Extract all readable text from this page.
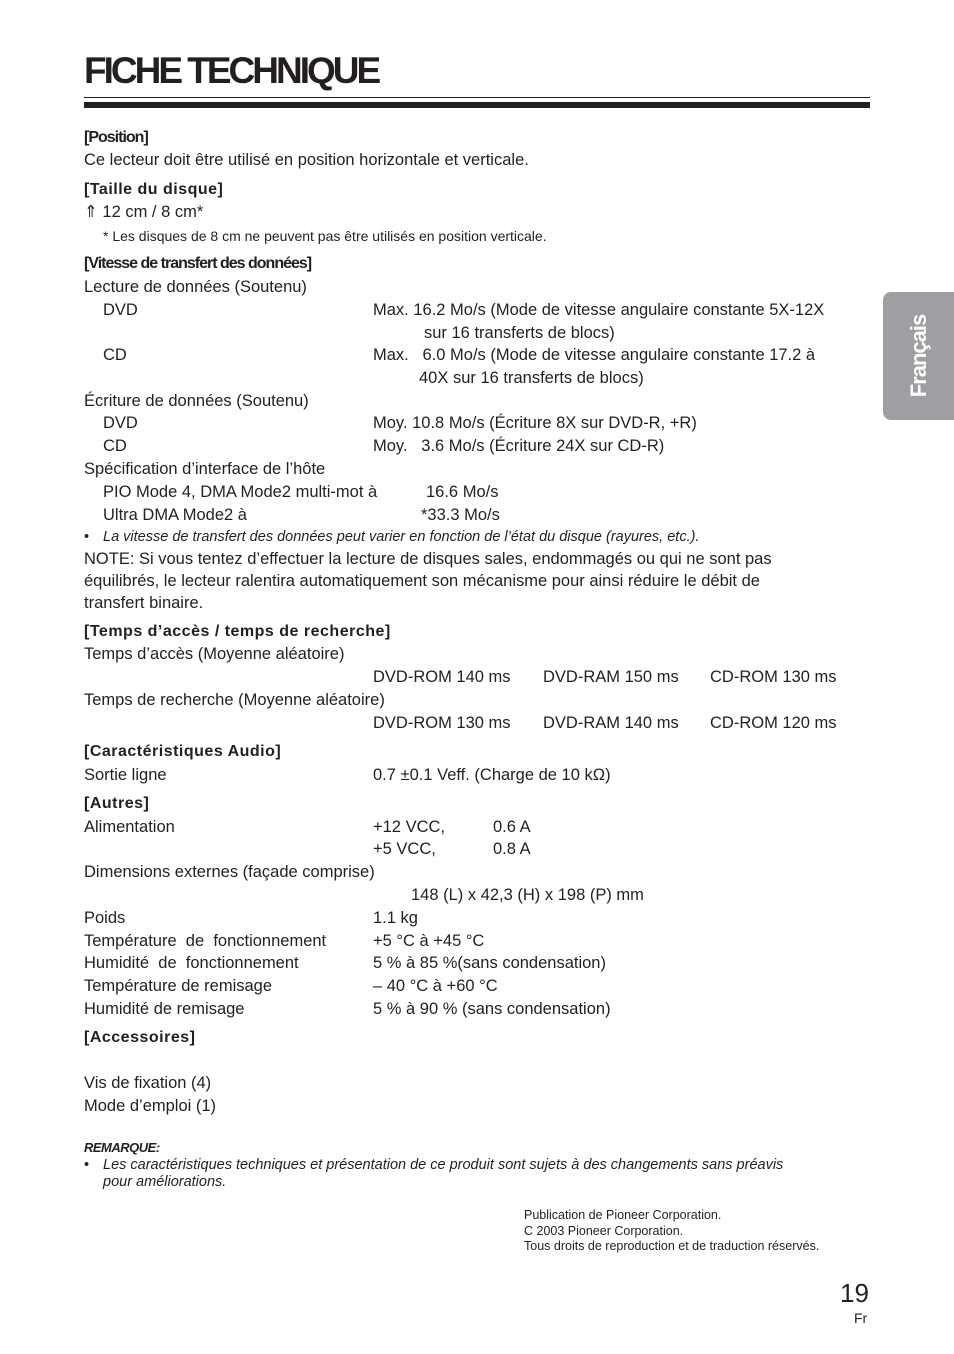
FICHE TECHNIQUE
Français
[Position]
Ce lecteur doit être utilisé en position horizontale et verticale.
[Taille du disque]
⇑ 12 cm / 8 cm*
* Les disques de 8 cm ne peuvent pas être utilisés en position verticale.
[Vitesse de transfert des données]
Lecture de données (Soutenu)
DVD	Max. 16.2 Mo/s (Mode de vitesse angulaire constante 5X-12X
sur 16 transferts de blocs)
CD	Max.   6.0 Mo/s (Mode de vitesse angulaire constante 17.2 à
40X sur 16 transferts de blocs)
Écriture de données (Soutenu)
DVD	Moy. 10.8 Mo/s (Écriture 8X sur DVD-R, +R)
CD	Moy.   3.6 Mo/s (Écriture 24X sur CD-R)
Spécification d’interface de l’hôte
PIO Mode 4, DMA Mode2 multi-mot à	16.6 Mo/s
Ultra DMA Mode2 à	*33.3 Mo/s
• La vitesse de transfert des données peut varier en fonction de l’état du disque (rayures, etc.).
NOTE: Si vous tentez d’effectuer la lecture de disques sales, endommagés ou qui ne sont pas
équilibrés, le lecteur ralentira automatiquement son mécanisme pour ainsi réduire le débit de
transfert binaire.
[Temps d’accès / temps de recherche]
Temps d’accès (Moyenne aléatoire)
DVD-ROM 140 ms DVD-RAM 150 ms CD-ROM 130 ms
Temps de recherche (Moyenne aléatoire)
DVD-ROM 130 ms DVD-RAM 140 ms CD-ROM 120 ms
[Caractéristiques Audio]
Sortie ligne	0.7 ±0.1 Veff. (Charge de 10 kΩ)
[Autres]
Alimentation	+12 VCC,	0.6 A
+5 VCC,	0.8 A
Dimensions externes (façade comprise)
148 (L) x 42,3 (H) x 198 (P) mm
Poids	1.1 kg
Température  de  fonctionnement	+5 °C à +45 °C
Humidité  de  fonctionnement	5 % à 85 %(sans condensation)
Température de remisage	– 40 °C à +60 °C
Humidité de remisage	5 % à 90 % (sans condensation)
[Accessoires]
Vis de fixation (4)
Mode d’emploi (1)
REMARQUE:
• Les caractéristiques techniques et présentation de ce produit sont sujets à des changements sans préavis
pour améliorations.
Publication de Pioneer Corporation.
C 2003 Pioneer Corporation.
Tous droits de reproduction et de traduction réservés.
19
Fr
